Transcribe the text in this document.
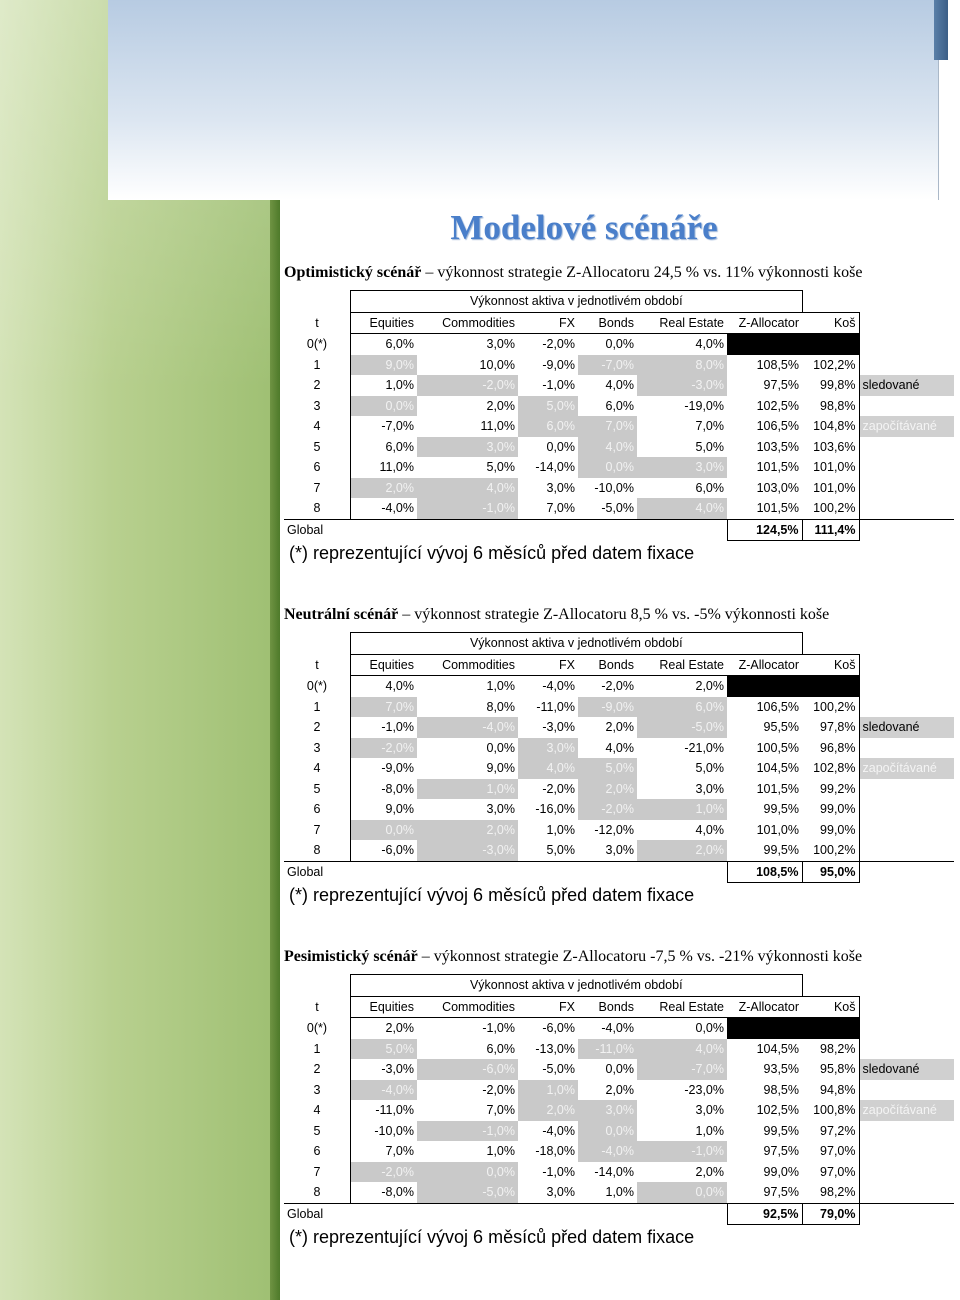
Modelové scénáře
Optimistický scénář – výkonnost strategie Z-Allocatoru 24,5 % vs. 11% výkonnosti koše
	Výkonnost aktiva v jednotlivém období							
t	Equities	Commodities	FX	Bonds	Real Estate	Z-Allocator	Koš	
0(*)	6,0%	3,0%	-2,0%	0,0%	4,0%			
1	9,0%	10,0%	-9,0%	-7,0%	8,0%	108,5%	102,2%	
2	1,0%	-2,0%	-1,0%	4,0%	-3,0%	97,5%	99,8%	sledované
3	0,0%	2,0%	5,0%	6,0%	-19,0%	102,5%	98,8%	
4	-7,0%	11,0%	6,0%	7,0%	7,0%	106,5%	104,8%	započítávané
5	6,0%	3,0%	0,0%	4,0%	5,0%	103,5%	103,6%	
6	11,0%	5,0%	-14,0%	0,0%	3,0%	101,5%	101,0%	
7	2,0%	4,0%	3,0%	-10,0%	6,0%	103,0%	101,0%	
8	-4,0%	-1,0%	7,0%	-5,0%	4,0%	101,5%	100,2%	
Global						124,5%	111,4%	
(*) reprezentující vývoj 6 měsíců před datem fixace
Neutrální scénář – výkonnost strategie Z-Allocatoru 8,5 % vs. -5% výkonnosti koše
	Výkonnost aktiva v jednotlivém období							
t	Equities	Commodities	FX	Bonds	Real Estate	Z-Allocator	Koš	
0(*)	4,0%	1,0%	-4,0%	-2,0%	2,0%			
1	7,0%	8,0%	-11,0%	-9,0%	6,0%	106,5%	100,2%	
2	-1,0%	-4,0%	-3,0%	2,0%	-5,0%	95,5%	97,8%	sledované
3	-2,0%	0,0%	3,0%	4,0%	-21,0%	100,5%	96,8%	
4	-9,0%	9,0%	4,0%	5,0%	5,0%	104,5%	102,8%	započítávané
5	-8,0%	1,0%	-2,0%	2,0%	3,0%	101,5%	99,2%	
6	9,0%	3,0%	-16,0%	-2,0%	1,0%	99,5%	99,0%	
7	0,0%	2,0%	1,0%	-12,0%	4,0%	101,0%	99,0%	
8	-6,0%	-3,0%	5,0%	3,0%	2,0%	99,5%	100,2%	
Global						108,5%	95,0%	
(*) reprezentující vývoj 6 měsíců před datem fixace
Pesimistický scénář – výkonnost strategie Z-Allocatoru -7,5 % vs. -21% výkonnosti koše
	Výkonnost aktiva v jednotlivém období							
t	Equities	Commodities	FX	Bonds	Real Estate	Z-Allocator	Koš	
0(*)	2,0%	-1,0%	-6,0%	-4,0%	0,0%			
1	5,0%	6,0%	-13,0%	-11,0%	4,0%	104,5%	98,2%	
2	-3,0%	-6,0%	-5,0%	0,0%	-7,0%	93,5%	95,8%	sledované
3	-4,0%	-2,0%	1,0%	2,0%	-23,0%	98,5%	94,8%	
4	-11,0%	7,0%	2,0%	3,0%	3,0%	102,5%	100,8%	započítávané
5	-10,0%	-1,0%	-4,0%	0,0%	1,0%	99,5%	97,2%	
6	7,0%	1,0%	-18,0%	-4,0%	-1,0%	97,5%	97,0%	
7	-2,0%	0,0%	-1,0%	-14,0%	2,0%	99,0%	97,0%	
8	-8,0%	-5,0%	3,0%	1,0%	0,0%	97,5%	98,2%	
Global						92,5%	79,0%	
(*) reprezentující vývoj 6 měsíců před datem fixace
